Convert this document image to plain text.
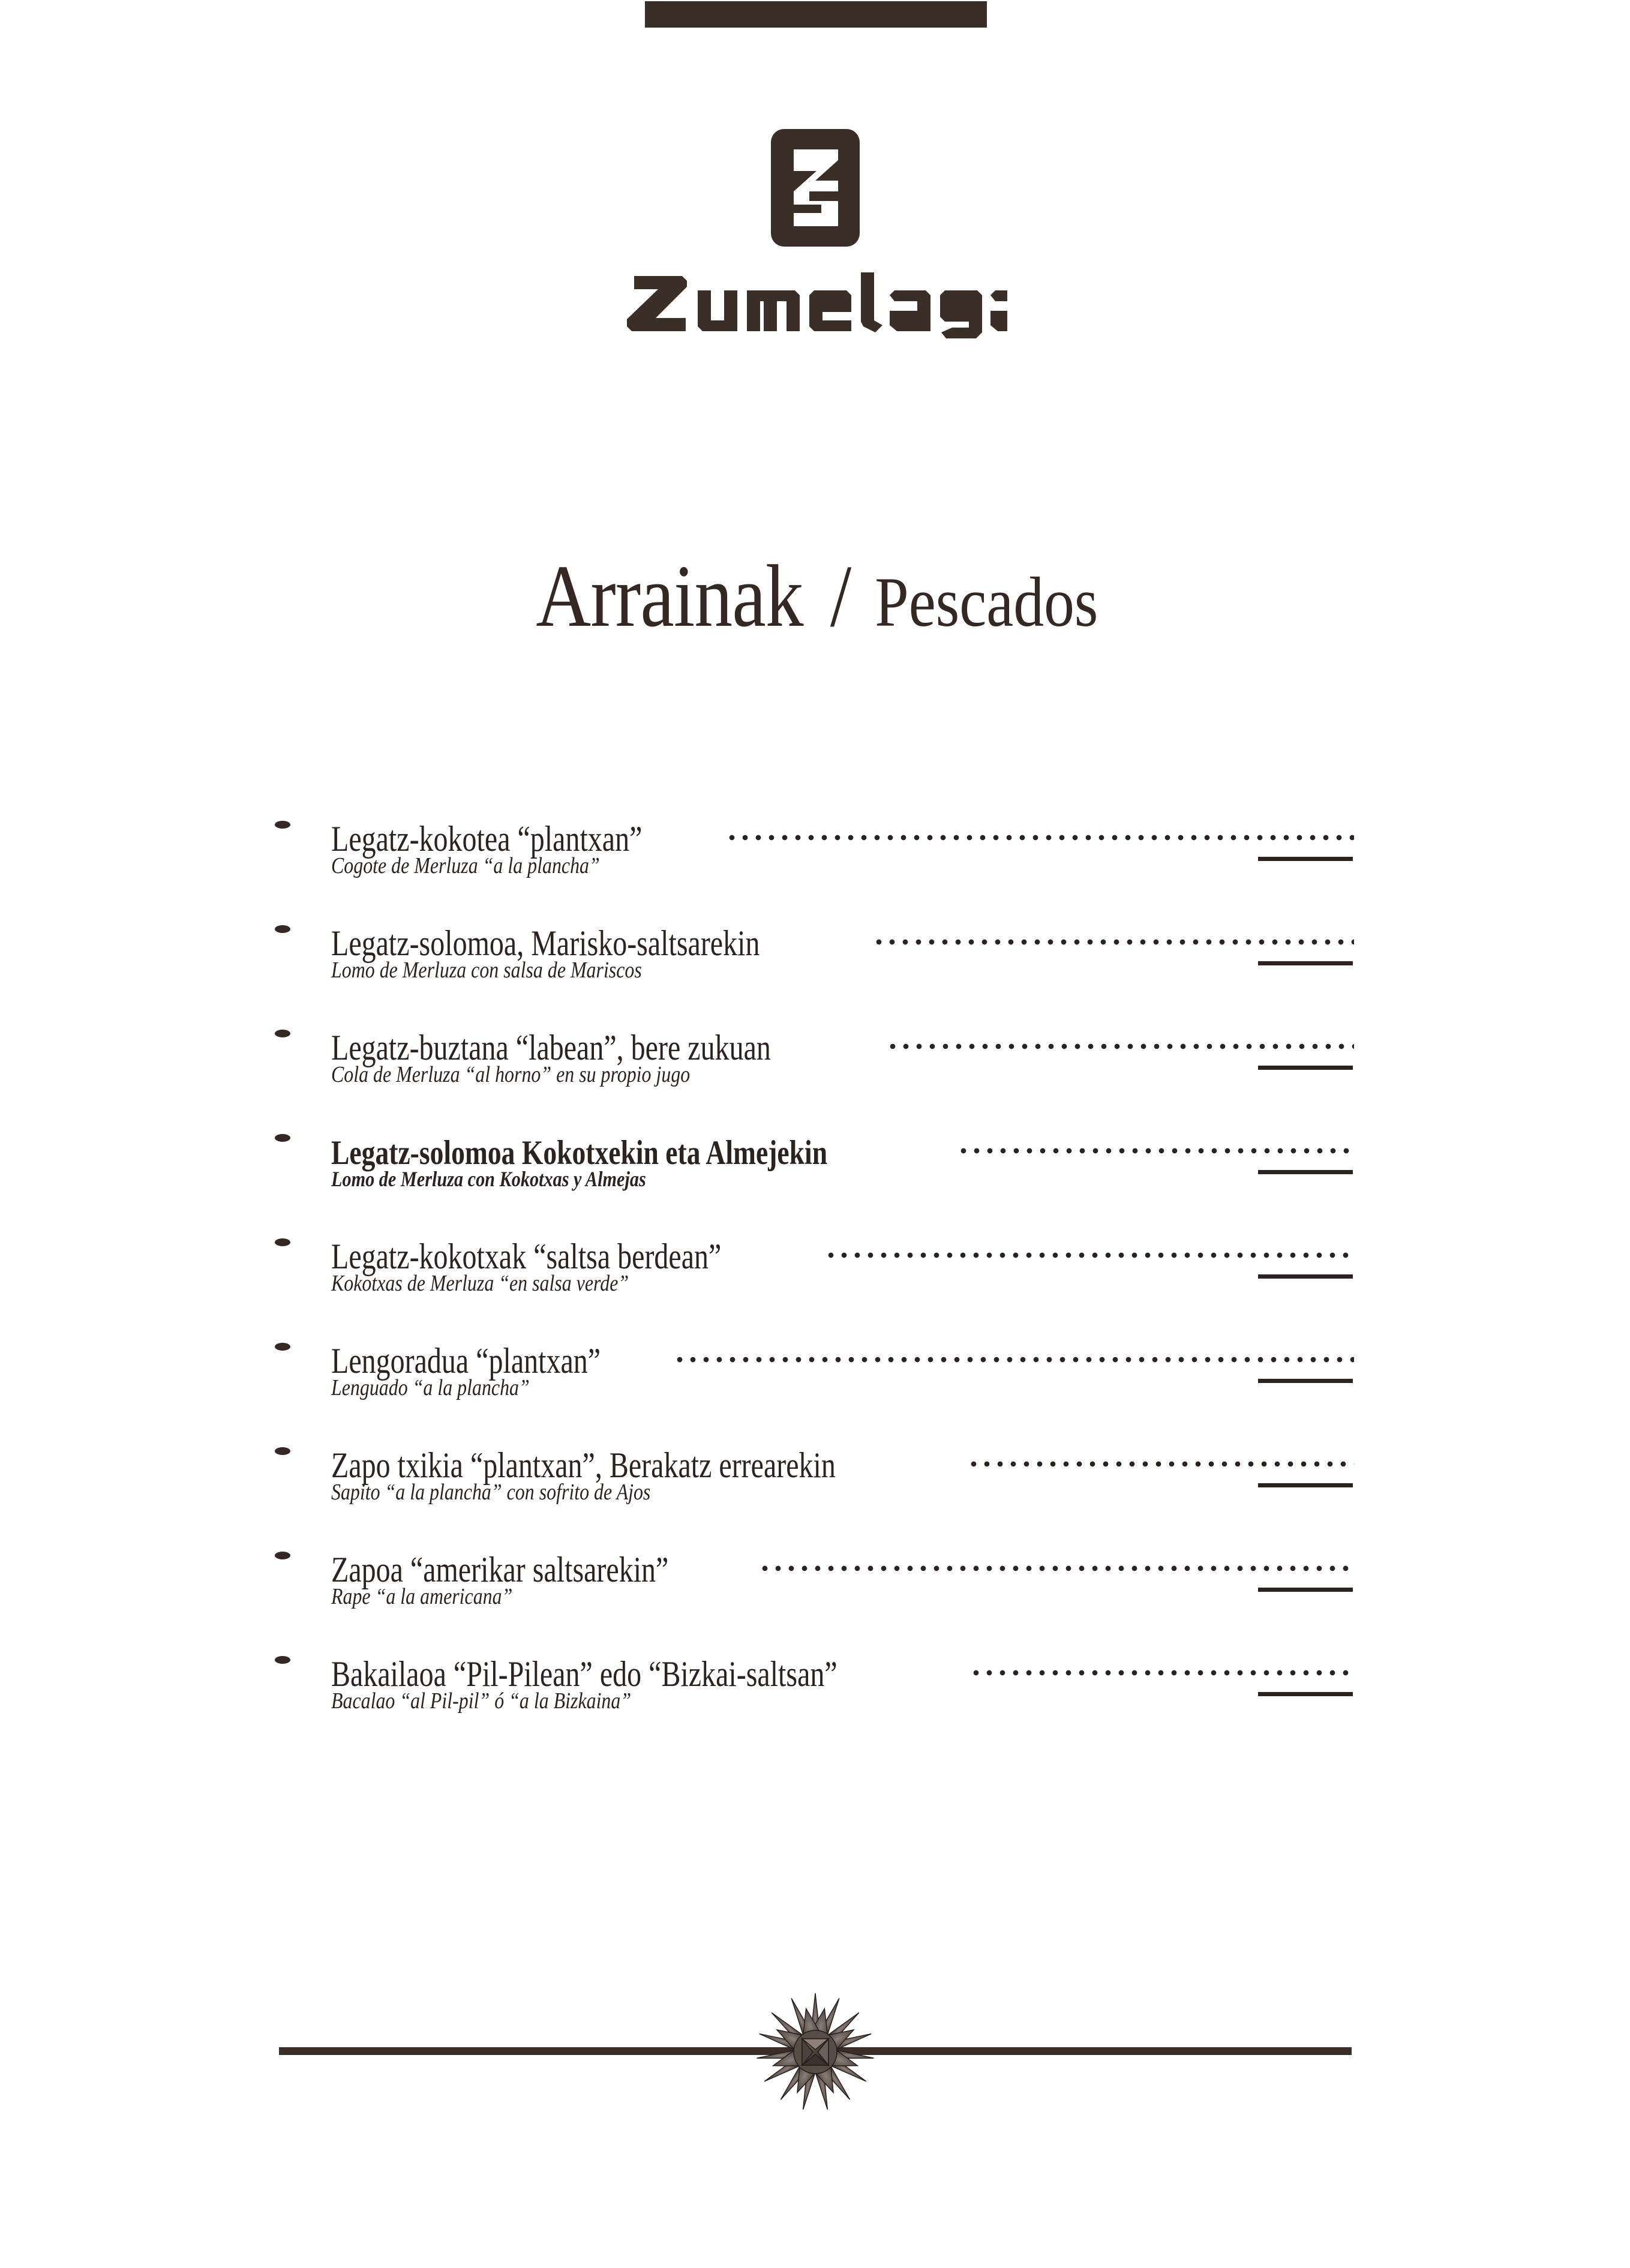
Arrainak / Pescados
Legatz-kokotea “plantxan”
Cogote de Merluza “a la plancha”
Legatz-solomoa, Marisko-saltsarekin
Lomo de Merluza con salsa de Mariscos
Legatz-buztana “labean”, bere zukuan
Cola de Merluza “al horno” en su propio jugo
Legatz-solomoa Kokotxekin eta Almejekin
Lomo de Merluza con Kokotxas y Almejas
Legatz-kokotxak “saltsa berdean”
Kokotxas de Merluza “en salsa verde”
Lengoradua “plantxan”
Lenguado “a la plancha”
Zapo txikia “plantxan”, Berakatz errearekin
Sapito “a la plancha” con sofrito de Ajos
Zapoa “amerikar saltsarekin”
Rape “a la americana”
Bakailaoa “Pil-Pilean” edo “Bizkai-saltsan”
Bacalao “al Pil-pil” ó “a la Bizkaina”
